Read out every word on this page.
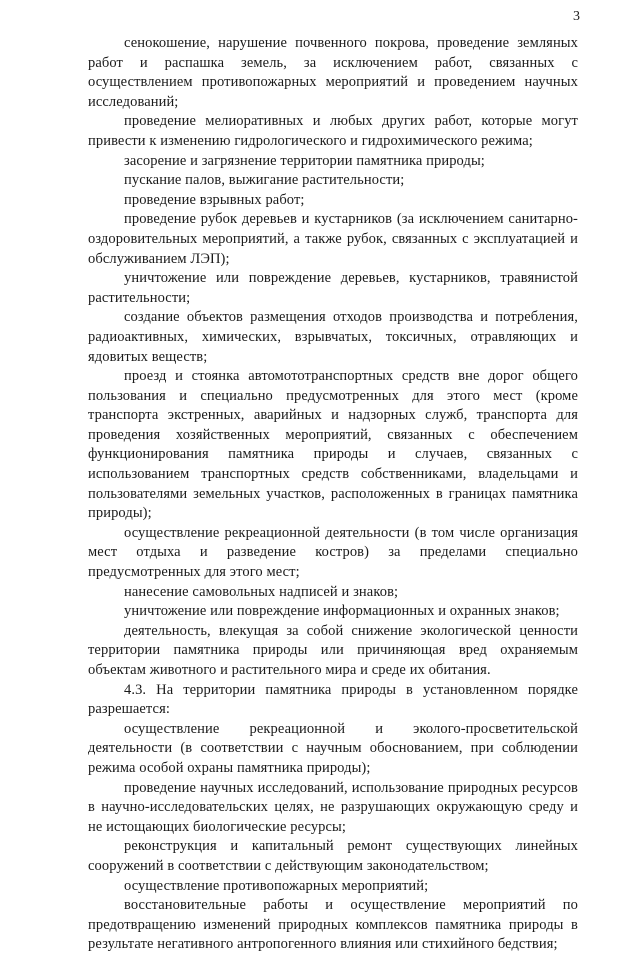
3

сенокошение, нарушение почвенного покрова, проведение земляных работ и распашка земель, за исключением работ, связанных с осуществлением противопожарных мероприятий и проведением научных исследований;

проведение мелиоративных и любых других работ, которые могут привести к изменению гидрологического и гидрохимического режима;

засорение и загрязнение территории памятника природы;

пускание палов, выжигание растительности;

проведение взрывных работ;

проведение рубок деревьев и кустарников (за исключением санитарно-оздоровительных мероприятий, а также рубок, связанных с эксплуатацией и обслуживанием ЛЭП);

уничтожение или повреждение деревьев, кустарников, травянистой растительности;

создание объектов размещения отходов производства и потребления, радиоактивных, химических, взрывчатых, токсичных, отравляющих и ядовитых веществ;

проезд и стоянка автомототранспортных средств вне дорог общего пользования и специально предусмотренных для этого мест (кроме транспорта экстренных, аварийных и надзорных служб, транспорта для проведения хозяйственных мероприятий, связанных с обеспечением функционирования памятника природы и случаев, связанных с использованием транспортных средств собственниками, владельцами и пользователями земельных участков, расположенных в границах памятника природы);

осуществление рекреационной деятельности (в том числе организация мест отдыха и разведение костров) за пределами специально предусмотренных для этого мест;

нанесение самовольных надписей и знаков;

уничтожение или повреждение информационных и охранных знаков;

деятельность, влекущая за собой снижение экологической ценности территории памятника природы или причиняющая вред охраняемым объектам животного и растительного мира и среде их обитания.

4.3. На территории памятника природы в установленном порядке разрешается:

осуществление рекреационной и эколого-просветительской деятельности (в соответствии с научным обоснованием, при соблюдении режима особой охраны памятника природы);

проведение научных исследований, использование природных ресурсов в научно-исследовательских целях, не разрушающих окружающую среду и не истощающих биологические ресурсы;

реконструкция и капитальный ремонт существующих линейных сооружений в соответствии с действующим законодательством;

осуществление противопожарных мероприятий;

восстановительные работы и осуществление мероприятий по предотвращению изменений природных комплексов памятника природы в результате негативного антропогенного влияния или стихийного бедствия;
